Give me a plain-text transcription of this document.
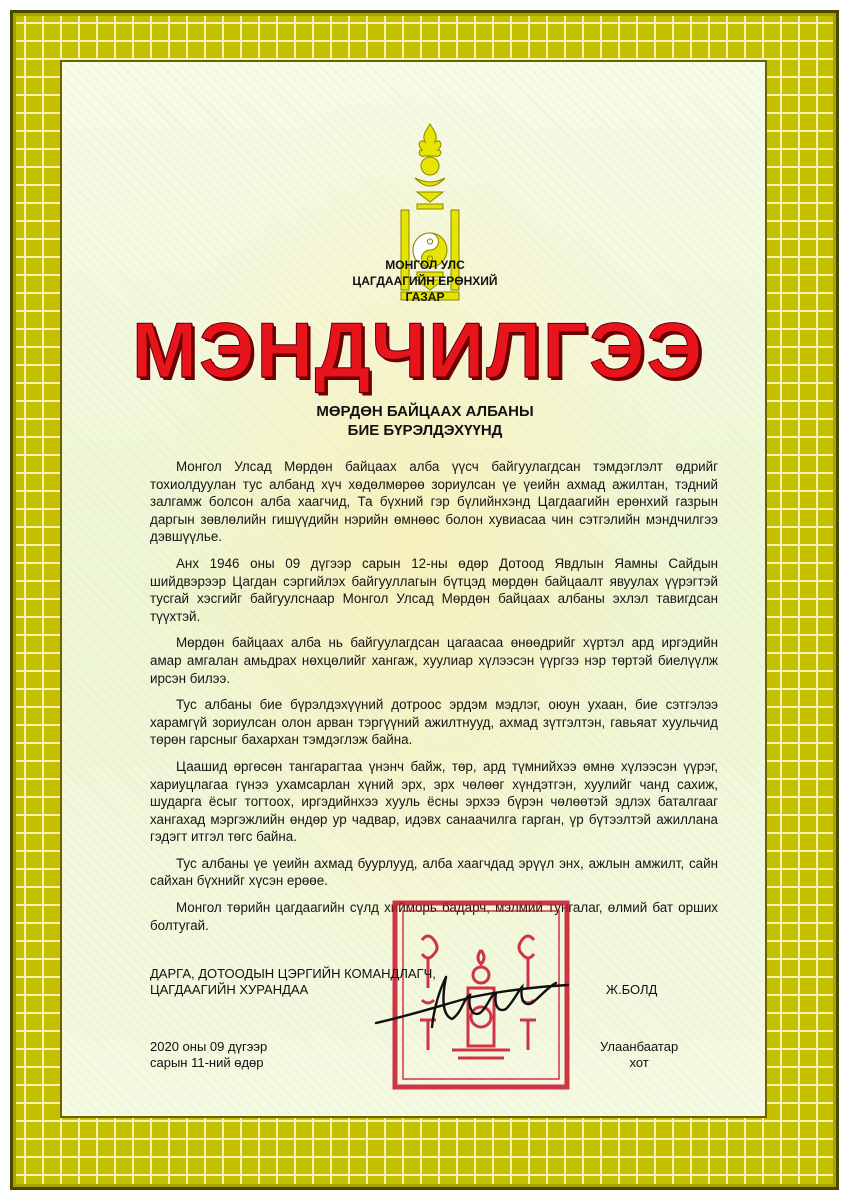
МОНГОЛ УЛС
ЦАГДААГИЙН ЕРӨНХИЙ
ГАЗАР
МЭНДЧИЛГЭЭ
МӨРДӨН БАЙЦААХ АЛБАНЫ
БИЕ БҮРЭЛДЭХҮҮНД

Монгол Улсад Мөрдөн байцаах алба үүсч байгуулагдсан тэмдэглэлт өдрийг тохиолдуулан тус албанд хүч хөдөлмөрөө зориулсан үе үеийн ахмад ажилтан, тэдний залгамж болсон алба хаагчид, Та бүхний гэр бүлийнхэнд Цагдаагийн ерөнхий газрын даргын зөвлөлийн гишүүдийн нэрийн өмнөөс болон хувиасаа чин сэтгэлийн мэндчилгээ дэвшүүлье.

Анх 1946 оны 09 дүгээр сарын 12-ны өдөр Дотоод Явдлын Яамны Сайдын шийдвэрээр Цагдан сэргийлэх байгууллагын бүтцэд мөрдөн байцаалт явуулах үүрэгтэй тусгай хэсгийг байгуулснаар Монгол Улсад Мөрдөн байцаах албаны эхлэл тавигдсан түүхтэй.

Мөрдөн байцаах алба нь байгуулагдсан цагаасаа өнөөдрийг хүртэл ард иргэдийн амар амгалан амьдрах нөхцөлийг хангаж, хуулиар хүлээсэн үүргээ нэр төртэй биелүүлж ирсэн билээ.

Тус албаны бие бүрэлдэхүүний дотроос эрдэм мэдлэг, оюун ухаан, бие сэтгэлээ харамгүй зориулсан олон арван тэргүүний ажилтнууд, ахмад зүтгэлтэн, гавьяат хуульчид төрөн гарсныг бахархан тэмдэглэж байна.

Цаашид өргөсөн тангарагтаа үнэнч байж, төр, ард түмнийхээ өмнө хүлээсэн үүрэг, хариуцлагаа гүнээ ухамсарлан хүний эрх, эрх чөлөөг хүндэтгэн, хуулийг чанд сахиж, шударга ёсыг тогтоох, иргэдийнхээ хууль ёсны эрхээ бүрэн чөлөөтэй эдлэх баталгааг хангахад мэргэжлийн өндөр ур чадвар, идэвх санаачилга гарган, үр бүтээлтэй ажиллана гэдэгт итгэл төгс байна.

Тус албаны үе үеийн ахмад буурлууд, алба хаагчдад эрүүл энх, ажлын амжилт, сайн сайхан бүхнийг хүсэн ерөөе.

Монгол төрийн цагдаагийн сүлд хийморь бадарч, мэлмий тунгалаг, өлмий бат орших болтугай.

ДАРГА, ДОТООДЫН ЦЭРГИЙН КОМАНДЛАГЧ,
ЦАГДААГИЙН ХУРАНДАА	Ж.БОЛД
2020 оны 09 дүгээр
сарын 11-ний өдөр
Улаанбаатар
хот
